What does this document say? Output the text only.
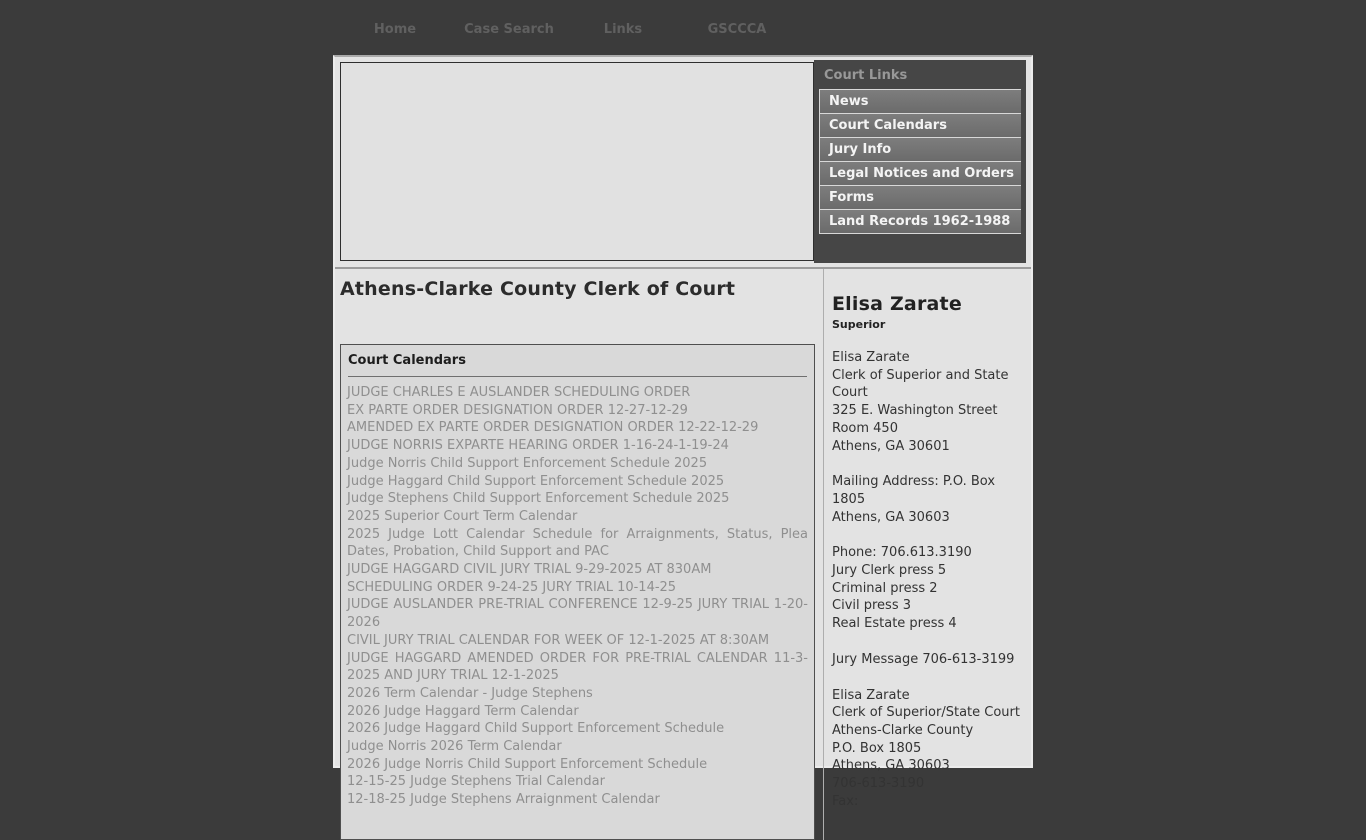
Home	Case Search	Links	GSCCCA
Court Links
News
Court Calendars
Jury Info
Legal Notices and Orders
Forms
Land Records 1962-1988
Athens-Clarke County Clerk of Court
Court Calendars
JUDGE CHARLES E AUSLANDER SCHEDULING ORDER
EX PARTE ORDER DESIGNATION ORDER 12-27-12-29
AMENDED EX PARTE ORDER DESIGNATION ORDER 12-22-12-29
JUDGE NORRIS EXPARTE HEARING ORDER 1-16-24-1-19-24
Judge Norris Child Support Enforcement Schedule 2025
Judge Haggard Child Support Enforcement Schedule 2025
Judge Stephens Child Support Enforcement Schedule 2025
2025 Superior Court Term Calendar
2025 Judge Lott Calendar Schedule for Arraignments, Status, Plea Dates, Probation, Child Support and PAC
JUDGE HAGGARD CIVIL JURY TRIAL 9-29-2025 AT 830AM
SCHEDULING ORDER 9-24-25 JURY TRIAL 10-14-25
JUDGE AUSLANDER PRE-TRIAL CONFERENCE 12-9-25 JURY TRIAL 1-20-2026
CIVIL JURY TRIAL CALENDAR FOR WEEK OF 12-1-2025 AT 8:30AM
JUDGE HAGGARD AMENDED ORDER FOR PRE-TRIAL CALENDAR 11-3-2025 AND JURY TRIAL 12-1-2025
2026 Term Calendar - Judge Stephens
2026 Judge Haggard Term Calendar
2026 Judge Haggard Child Support Enforcement Schedule
Judge Norris 2026 Term Calendar
2026 Judge Norris Child Support Enforcement Schedule
12-15-25 Judge Stephens Trial Calendar
12-18-25 Judge Stephens Arraignment Calendar
Elisa Zarate
Superior
Elisa Zarate
Clerk of Superior and State Court
325 E. Washington Street
Room 450
Athens, GA 30601
Mailing Address: P.O. Box 1805
Athens, GA 30603
Phone: 706.613.3190
Jury Clerk press 5
Criminal press 2
Civil press 3
Real Estate press 4
Jury Message 706-613-3199
Elisa Zarate
Clerk of Superior/State Court
Athens-Clarke County
P.O. Box 1805
Athens, GA 30603
706-613-3190
Fax:
